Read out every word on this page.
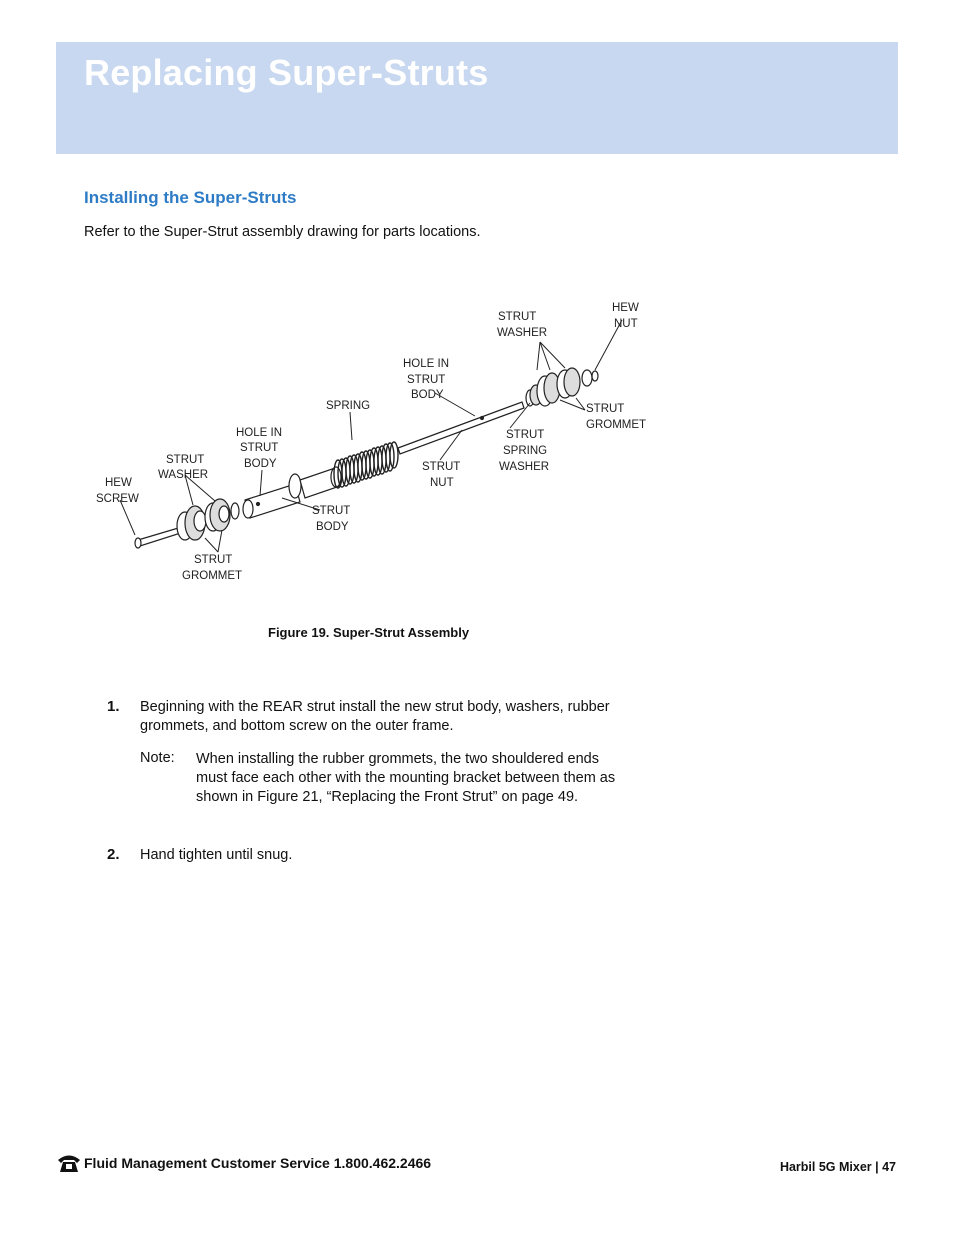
Replacing Super-Struts
Installing the Super-Struts

Refer to the Super-Strut assembly drawing for parts locations.

HEW
NUT
STRUT
WASHER
HOLE IN
STRUT
BODY
SPRING	STRUT
GROMMET
STRUT
SPRING
WASHER
STRUT
NUT
HOLE IN
STRUT
BODY
STRUT
WASHER
HEW
SCREW
STRUT
BODY
STRUT
GROMMET

Figure 19. Super-Strut Assembly

1. Beginning with the REAR strut install the new strut body, washers, rubber grommets, and bottom screw on the outer frame.
Note: When installing the rubber grommets, the two shouldered ends must face each other with the mounting bracket between them as shown in Figure 21, “Replacing the Front Strut” on page 49.
2. Hand tighten until snug.
Fluid Management Customer Service 1.800.462.2466	Harbil 5G Mixer | 47
